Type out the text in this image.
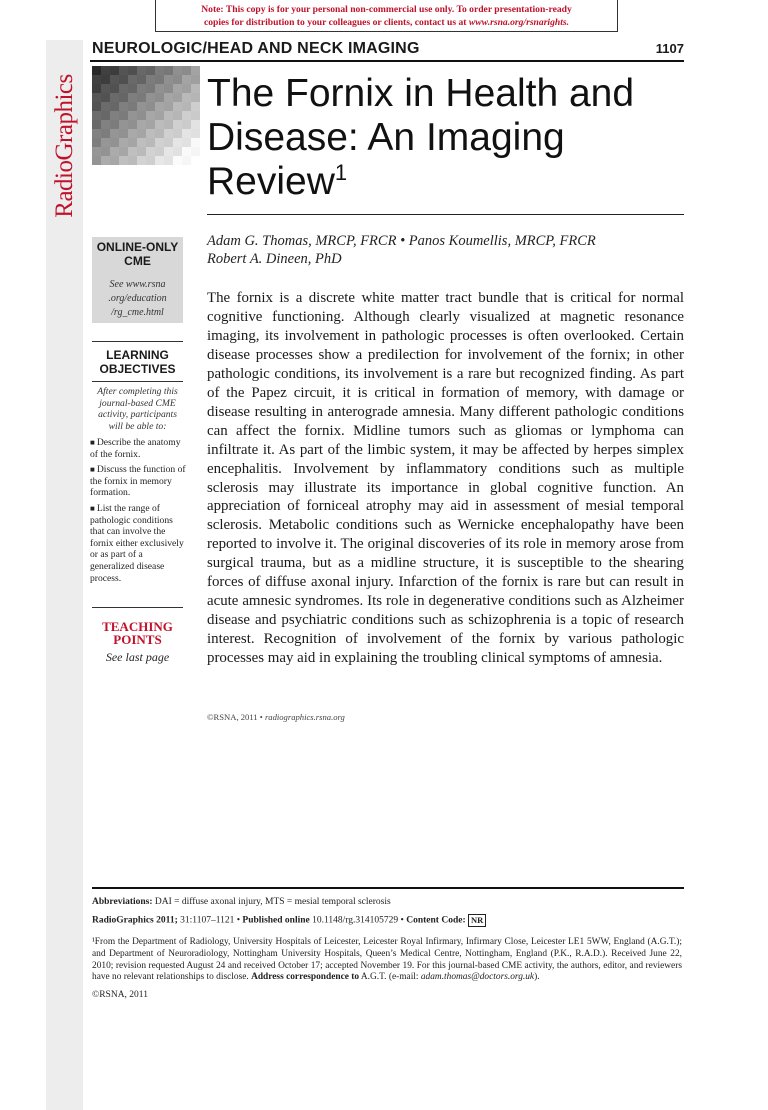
Note: This copy is for your personal non-commercial use only. To order presentation-ready
copies for distribution to your colleagues or clients, contact us at www.rsna.org/rsnarights.
RadioGraphics
NEUROLOGIC/HEAD AND NECK IMAGING	1107
The Fornix in Health and
Disease: An Imaging
Review$^1$
ONLINE-ONLY
CME
See www.rsna
.org/education
/rg_cme.html
LEARNING
OBJECTIVES
After completing this journal-based CME activity, participants will be able to:
■ Describe the anatomy of the fornix.
■ Discuss the function of the fornix in memory formation.
■ List the range of pathologic conditions that can involve the fornix either exclusively or as part of a generalized disease process.
TEACHING
POINTS
See last page
Adam G. Thomas, MRCP, FRCR • Panos Koumellis, MRCP, FRCR
Robert A. Dineen, PhD
The fornix is a discrete white matter tract bundle that is critical for normal cognitive functioning. Although clearly visualized at magnetic resonance imaging, its involvement in pathologic processes is often overlooked. Certain disease processes show a predilection for involvement of the fornix; in other pathologic conditions, its involvement is a rare but recognized finding. As part of the Papez circuit, it is critical in formation of memory, with damage or disease resulting in anterograde amnesia. Many different pathologic conditions can affect the fornix. Midline tumors such as gliomas or lymphoma can infiltrate it. As part of the limbic system, it may be affected by herpes simplex encephalitis. Involvement by inflammatory conditions such as multiple sclerosis may illustrate its importance in global cognitive function. An appreciation of forniceal atrophy may aid in assessment of mesial temporal sclerosis. Metabolic conditions such as Wernicke encephalopathy have been reported to involve it. The original discoveries of its role in memory arose from surgical trauma, but as a midline structure, it is susceptible to the shearing forces of diffuse axonal injury. Infarction of the fornix is rare but can result in acute amnesic syndromes. Its role in degenerative conditions such as Alzheimer disease and psychiatric conditions such as schizophrenia is a topic of research interest. Recognition of involvement of the fornix by various pathologic processes may aid in explaining the troubling clinical symptoms of amnesia.
©RSNA, 2011 • radiographics.rsna.org
Abbreviations: DAI = diffuse axonal injury, MTS = mesial temporal sclerosis
RadioGraphics 2011; 31:1107–1121 • Published online 10.1148/rg.314105729 • Content Code: NR
¹From the Department of Radiology, University Hospitals of Leicester, Leicester Royal Infirmary, Infirmary Close, Leicester LE1 5WW, England (A.G.T.); and Department of Neuroradiology, Nottingham University Hospitals, Queen’s Medical Centre, Nottingham, England (P.K., R.A.D.). Received June 22, 2010; revision requested August 24 and received October 17; accepted November 19. For this journal-based CME activity, the authors, editor, and reviewers have no relevant relationships to disclose. Address correspondence to A.G.T. (e-mail: adam.thomas@doctors.org.uk).
©RSNA, 2011
